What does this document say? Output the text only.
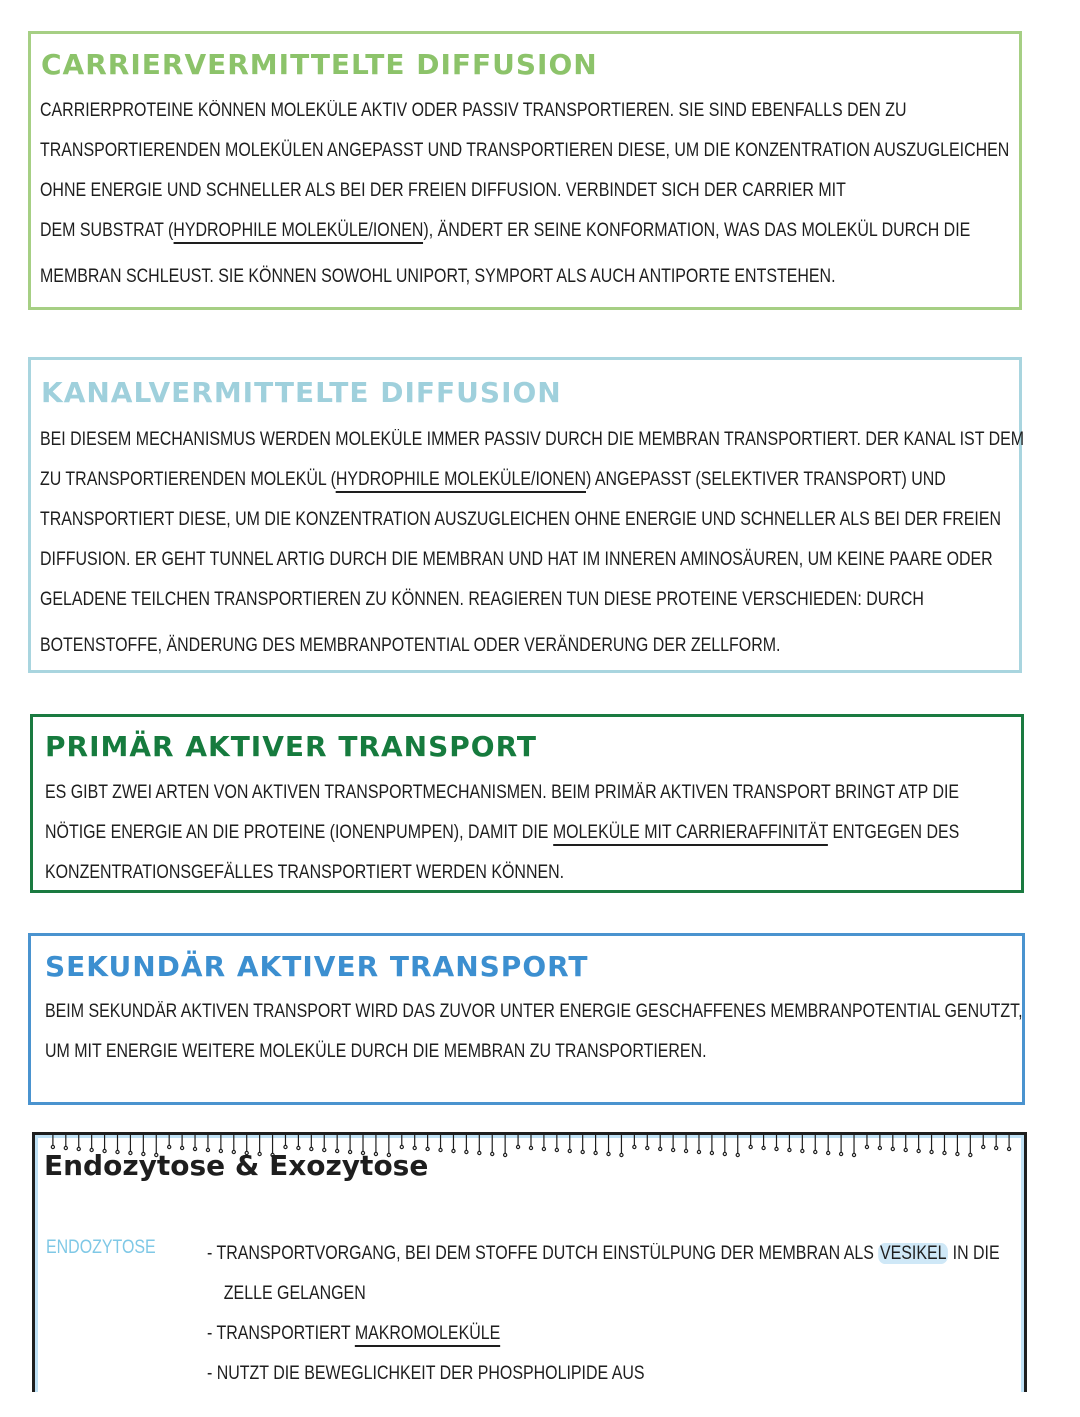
CARRIERVERMITTELTE DIFFUSION
CARRIERPROTEINE KÖNNEN MOLEKÜLE AKTIV ODER PASSIV TRANSPORTIEREN. SIE SIND EBENFALLS DEN ZU
TRANSPORTIERENDEN MOLEKÜLEN ANGEPASST UND TRANSPORTIEREN DIESE, UM DIE KONZENTRATION AUSZUGLEICHEN
OHNE ENERGIE UND SCHNELLER ALS BEI DER FREIEN DIFFUSION. VERBINDET SICH DER CARRIER MIT
DEM SUBSTRAT (HYDROPHILE MOLEKÜLE/IONEN), ÄNDERT ER SEINE KONFORMATION, WAS DAS MOLEKÜL DURCH DIE
MEMBRAN SCHLEUST. SIE KÖNNEN SOWOHL UNIPORT, SYMPORT ALS AUCH ANTIPORTE ENTSTEHEN.
KANALVERMITTELTE DIFFUSION
BEI DIESEM MECHANISMUS WERDEN MOLEKÜLE IMMER PASSIV DURCH DIE MEMBRAN TRANSPORTIERT. DER KANAL IST DEM
ZU TRANSPORTIERENDEN MOLEKÜL (HYDROPHILE MOLEKÜLE/IONEN) ANGEPASST (SELEKTIVER TRANSPORT) UND
TRANSPORTIERT DIESE, UM DIE KONZENTRATION AUSZUGLEICHEN OHNE ENERGIE UND SCHNELLER ALS BEI DER FREIEN
DIFFUSION. ER GEHT TUNNEL ARTIG DURCH DIE MEMBRAN UND HAT IM INNEREN AMINOSÄUREN, UM KEINE PAARE ODER
GELADENE TEILCHEN TRANSPORTIEREN ZU KÖNNEN. REAGIEREN TUN DIESE PROTEINE VERSCHIEDEN: DURCH
BOTENSTOFFE, ÄNDERUNG DES MEMBRANPOTENTIAL ODER VERÄNDERUNG DER ZELLFORM.
PRIMÄR AKTIVER TRANSPORT
ES GIBT ZWEI ARTEN VON AKTIVEN TRANSPORTMECHANISMEN. BEIM PRIMÄR AKTIVEN TRANSPORT BRINGT ATP DIE
NÖTIGE ENERGIE AN DIE PROTEINE (IONENPUMPEN), DAMIT DIE MOLEKÜLE MIT CARRIERAFFINITÄT ENTGEGEN DES
KONZENTRATIONSGEFÄLLES TRANSPORTIERT WERDEN KÖNNEN.
SEKUNDÄR AKTIVER TRANSPORT
BEIM SEKUNDÄR AKTIVEN TRANSPORT WIRD DAS ZUVOR UNTER ENERGIE GESCHAFFENES MEMBRANPOTENTIAL GENUTZT,
UM MIT ENERGIE WEITERE MOLEKÜLE DURCH DIE MEMBRAN ZU TRANSPORTIEREN.
Endozytose & Exozytose
ENDOZYTOSE	- TRANSPORTVORGANG, BEI DEM STOFFE DUTCH EINSTÜLPUNG DER MEMBRAN ALS VESIKEL IN DIE
ZELLE GELANGEN
- TRANSPORTIERT MAKROMOLEKÜLE
- NUTZT DIE BEWEGLICHKEIT DER PHOSPHOLIPIDE AUS
